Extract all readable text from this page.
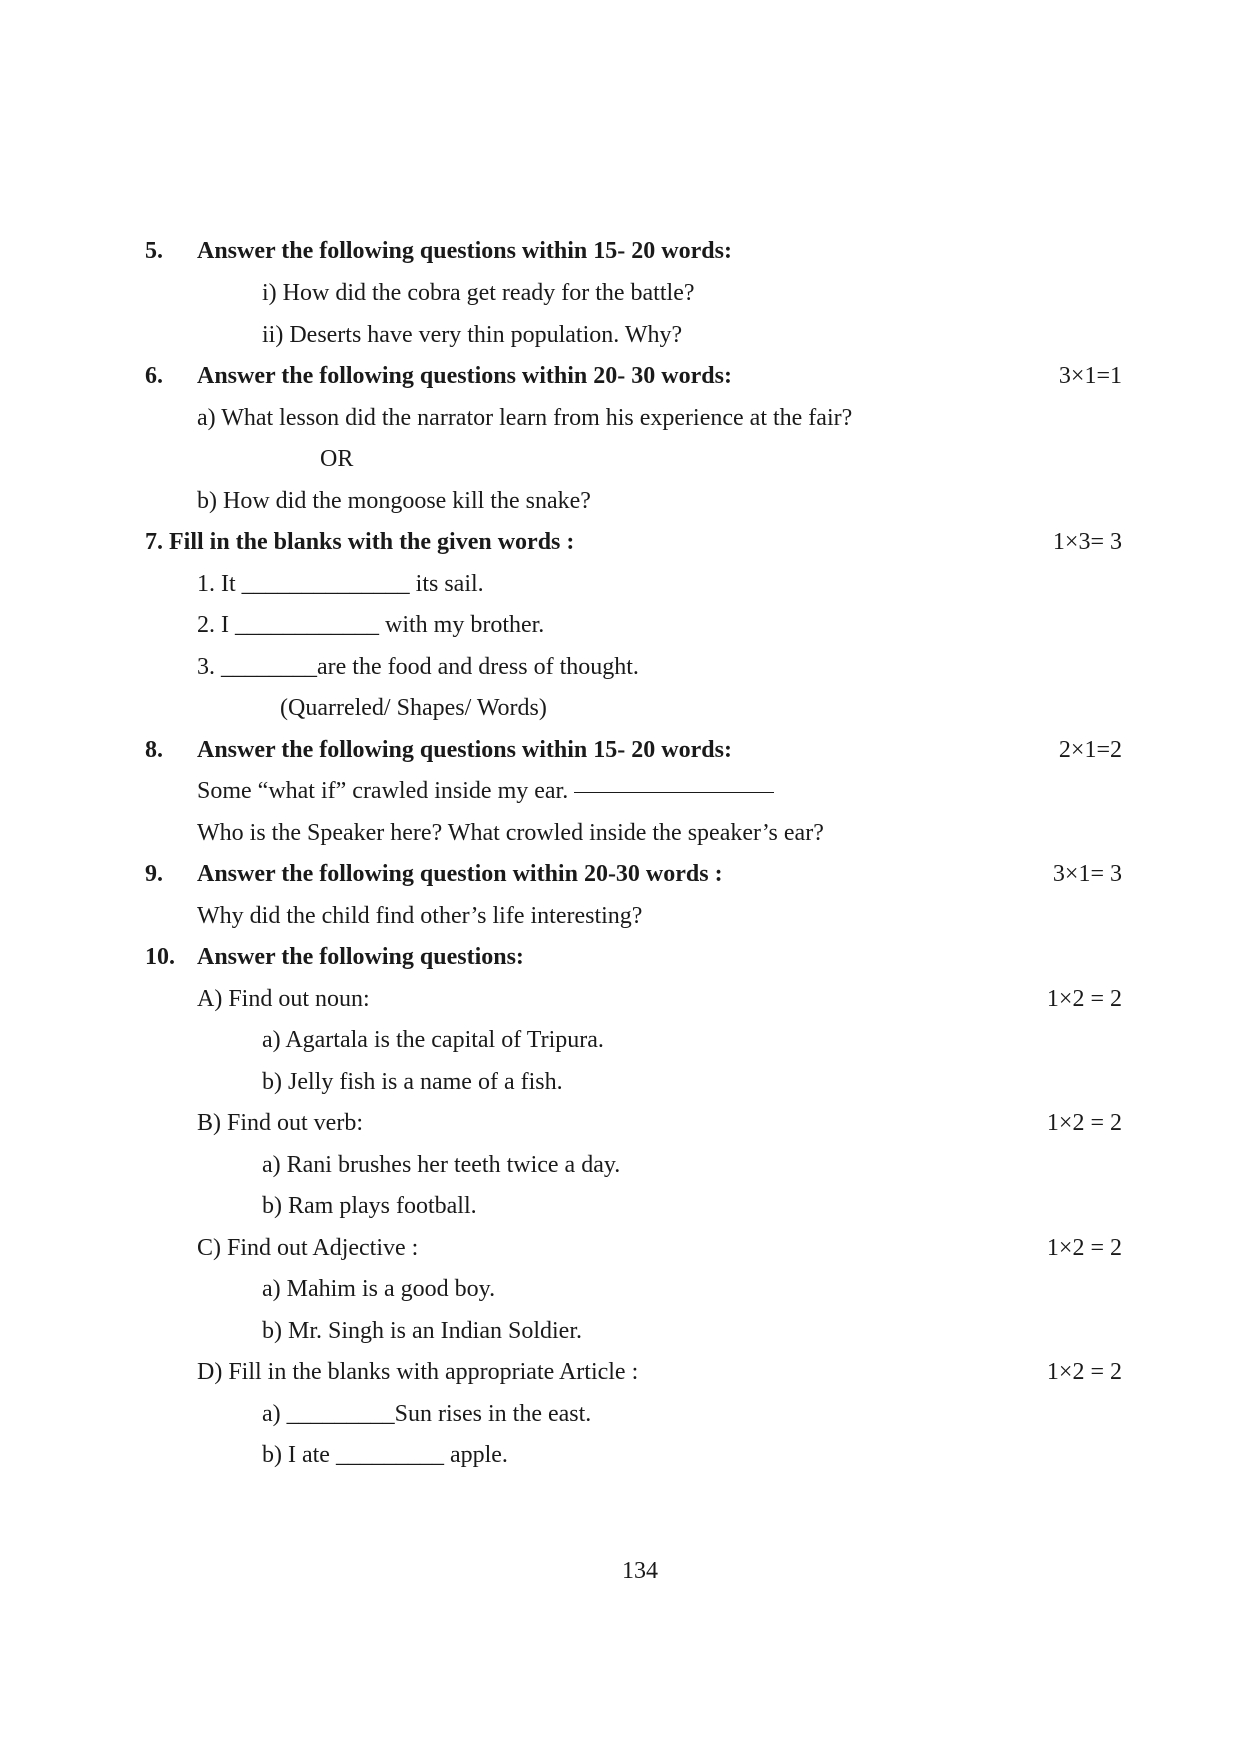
5. Answer the following questions within 15- 20 words:
i) How did the cobra get ready for the battle?
ii) Deserts have very thin population. Why?
6. Answer the following questions within 20- 30 words:	3×1=1
a) What lesson did the narrator learn from his experience at the fair?
OR
b) How did the mongoose kill the snake?
7. Fill in the blanks with the given words :	1×3= 3
1. It ______________ its sail.
2. I ____________ with my brother.
3. ________are the food and dress of thought.
(Quarreled/ Shapes/ Words)
8. Answer the following questions within 15- 20 words:	2×1=2
Some “what if” crawled inside my ear.
Who is the Speaker here? What crowled inside the speaker’s ear?
9. Answer the following question within 20-30 words :	3×1= 3
Why did the child find other’s life interesting?
10. Answer the following questions:
A) Find out noun:	1×2 = 2
a) Agartala is the capital of Tripura.
b) Jelly fish is a name of a fish.
B) Find out verb:	1×2 = 2
a) Rani brushes her teeth twice a day.
b) Ram plays football.
C) Find out Adjective :	1×2 = 2
a) Mahim is a good boy.
b) Mr. Singh is an Indian Soldier.
D) Fill in the blanks with appropriate Article :	1×2 = 2
a) _________Sun rises in the east.
b) I ate _________ apple.
134
